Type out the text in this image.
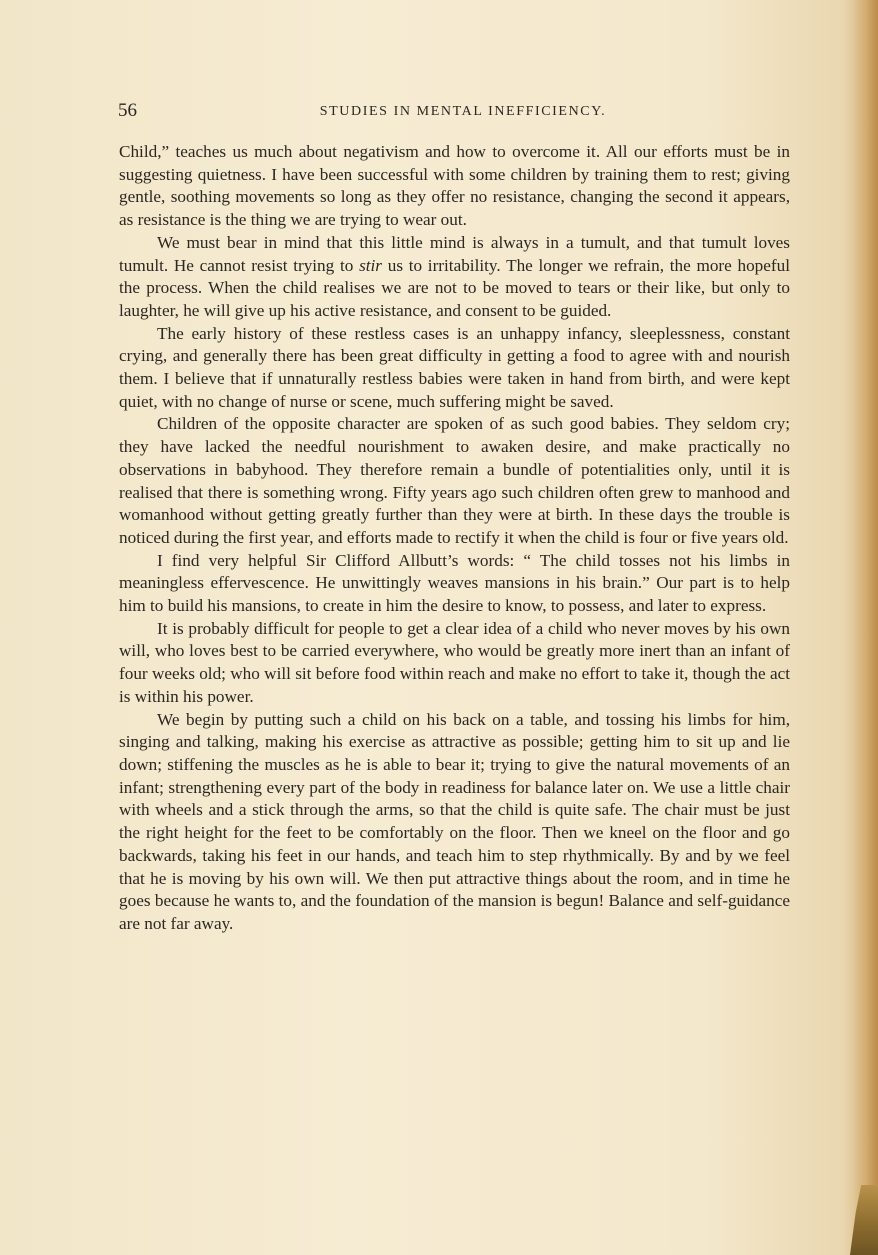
56	STUDIES IN MENTAL INEFFICIENCY.

Child,” teaches us much about negativism and how to overcome it. All our efforts must be in suggesting quietness. I have been successful with some children by training them to rest; giving gentle, soothing movements so long as they offer no resistance, changing the second it appears, as resistance is the thing we are trying to wear out.

We must bear in mind that this little mind is always in a tumult, and that tumult loves tumult. He cannot resist trying to stir us to irritability. The longer we refrain, the more hopeful the process. When the child realises we are not to be moved to tears or their like, but only to laughter, he will give up his active resistance, and consent to be guided.

The early history of these restless cases is an unhappy infancy, sleeplessness, constant crying, and generally there has been great difficulty in getting a food to agree with and nourish them. I believe that if unnaturally restless babies were taken in hand from birth, and were kept quiet, with no change of nurse or scene, much suffering might be saved.

Children of the opposite character are spoken of as such good babies. They seldom cry; they have lacked the needful nourishment to awaken desire, and make practically no observations in babyhood. They therefore remain a bundle of potentialities only, until it is realised that there is something wrong. Fifty years ago such children often grew to manhood and womanhood without getting greatly further than they were at birth. In these days the trouble is noticed during the first year, and efforts made to rectify it when the child is four or five years old.

I find very helpful Sir Clifford Allbutt’s words: “ The child tosses not his limbs in meaningless effervescence. He unwittingly weaves mansions in his brain.” Our part is to help him to build his mansions, to create in him the desire to know, to possess, and later to express.

It is probably difficult for people to get a clear idea of a child who never moves by his own will, who loves best to be carried everywhere, who would be greatly more inert than an infant of four weeks old; who will sit before food within reach and make no effort to take it, though the act is within his power.

We begin by putting such a child on his back on a table, and tossing his limbs for him, singing and talking, making his exercise as attractive as possible; getting him to sit up and lie down; stiffening the muscles as he is able to bear it; trying to give the natural movements of an infant; strengthening every part of the body in readiness for balance later on. We use a little chair with wheels and a stick through the arms, so that the child is quite safe. The chair must be just the right height for the feet to be comfortably on the floor. Then we kneel on the floor and go backwards, taking his feet in our hands, and teach him to step rhythmically. By and by we feel that he is moving by his own will. We then put attractive things about the room, and in time he goes because he wants to, and the foundation of the mansion is begun! Balance and self-guidance are not far away.
